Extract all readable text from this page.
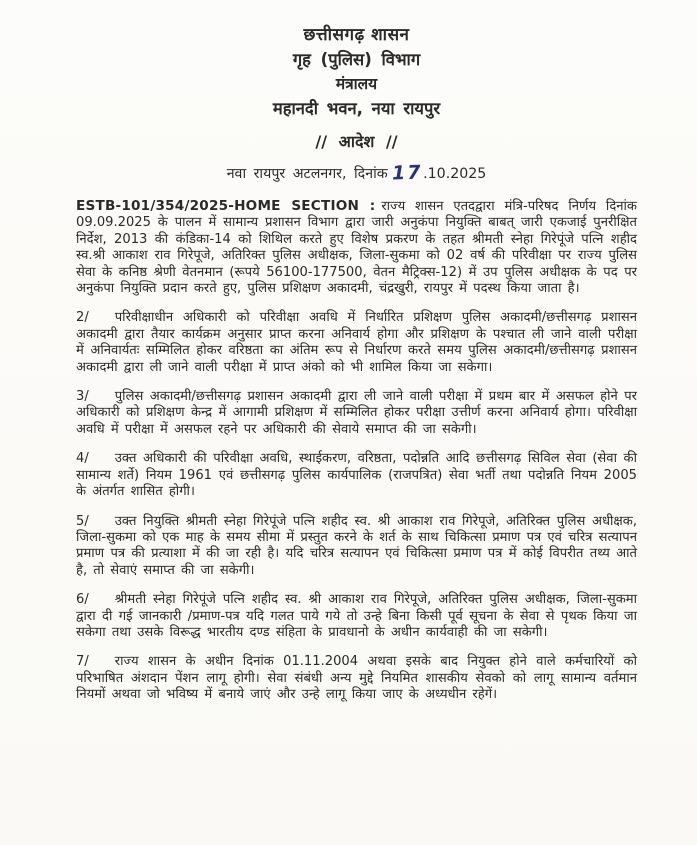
छत्तीसगढ़ शासन
गृह (पुलिस) विभाग
मंत्रालय
महानदी भवन, नया रायपुर
// आदेश //
नवा रायपुर अटलनगर, दिनांक 17.10.2025

ESTB-101/354/2025-HOME SECTION : राज्य शासन एतदद्वारा मंत्रि-परिषद निर्णय दिनांक 09.09.2025 के पालन में सामान्य प्रशासन विभाग द्वारा जारी अनुकंपा नियुक्ति बाबत् जारी एकजाई पुनरीक्षित निर्देश, 2013 की कंडिका-14 को शिथिल करते हुए विशेष प्रकरण के तहत श्रीमती स्नेहा गिरेपूंजे पत्नि शहीद स्व.श्री आकाश राव गिरेपूजे, अतिरिक्त पुलिस अधीक्षक, जिला-सुकमा को 02 वर्ष की परिवीक्षा पर राज्य पुलिस सेवा के कनिष्ठ श्रेणी वेतनमान (रूपये 56100-177500, वेतन मैट्रिक्स-12) में उप पुलिस अधीक्षक के पद पर अनुकंपा नियुक्ति प्रदान करते हुए, पुलिस प्रशिक्षण अकादमी, चंद्रखुरी, रायपुर में पदस्थ किया जाता है।

2/ परिवीक्षाधीन अधिकारी को परिवीक्षा अवधि में निर्धारित प्रशिक्षण पुलिस अकादमी/छत्तीसगढ़ प्रशासन अकादमी द्वारा तैयार कार्यक्रम अनुसार प्राप्त करना अनिवार्य होगा और प्रशिक्षण के पश्चात ली जाने वाली परीक्षा में अनिवार्यतः सम्मिलित होकर वरिष्ठता का अंतिम रूप से निर्धारण करते समय पुलिस अकादमी/छत्तीसगढ़ प्रशासन अकादमी द्वारा ली जाने वाली परीक्षा में प्राप्त अंको को भी शामिल किया जा सकेगा।

3/ पुलिस अकादमी/छत्तीसगढ़ प्रशासन अकादमी द्वारा ली जाने वाली परीक्षा में प्रथम बार में असफल होने पर अधिकारी को प्रशिक्षण केन्द्र में आगामी प्रशिक्षण में सम्मिलित होकर परीक्षा उत्तीर्ण करना अनिवार्य होगा। परिवीक्षा अवधि में परीक्षा में असफल रहने पर अधिकारी की सेवाये समाप्त की जा सकेगी।

4/ उक्त अधिकारी की परिवीक्षा अवधि, स्थाईकरण, वरिष्ठता, पदोन्नति आदि छत्तीसगढ़ सिविल सेवा (सेवा की सामान्य शर्ते) नियम 1961 एवं छत्तीसगढ़ पुलिस कार्यपालिक (राजपत्रित) सेवा भर्ती तथा पदोन्नति नियम 2005 के अंतर्गत शासित होगी।

5/ उक्त नियुक्ति श्रीमती स्नेहा गिरेपूंजे पत्नि शहीद स्व. श्री आकाश राव गिरेपूजे, अतिरिक्त पुलिस अधीक्षक, जिला-सुकमा को एक माह के समय सीमा में प्रस्तुत करने के शर्त के साथ चिकित्सा प्रमाण पत्र एवं चरित्र सत्यापन प्रमाण पत्र की प्रत्याशा में की जा रही है। यदि चरित्र सत्यापन एवं चिकित्सा प्रमाण पत्र में कोई विपरीत तथ्य आते है, तो सेवाएं समाप्त की जा सकेगी।

6/ श्रीमती स्नेहा गिरेपूंजे पत्नि शहीद स्व. श्री आकाश राव गिरेपूजे, अतिरिक्त पुलिस अधीक्षक, जिला-सुकमा द्वारा दी गई जानकारी /प्रमाण-पत्र यदि गलत पाये गये तो उन्हे बिना किसी पूर्व सूचना के सेवा से पृथक किया जा सकेगा तथा उसके विरूद्ध भारतीय दण्ड संहिता के प्रावधानो के अधीन कार्यवाही की जा सकेगी।

7/ राज्य शासन के अधीन दिनांक 01.11.2004 अथवा इसके बाद नियुक्त होने वाले कर्मचारियों को परिभाषित अंशदान पेंशन लागू होगी। सेवा संबंधी अन्य मुद्दे नियमित शासकीय सेवको को लागू सामान्य वर्तमान नियमों अथवा जो भविष्य में बनाये जाएं और उन्हे लागू किया जाए के अध्यधीन रहेगें।
